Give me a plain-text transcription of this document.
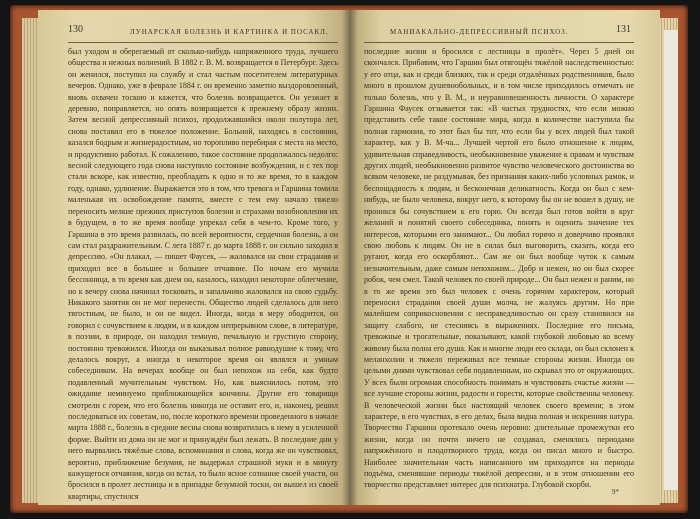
130	ЛУНАРСКАЯ БОЛЕЗНЬ И КАРТИНКА И ПОСАКЛ.

был уходом и оберегаемый от сколько-нибудь напряженного труда, лучшего общества и нежных волнений. В 1882 г. В. М. возвращается в Петербург. Здесь он женился, поступил на службу и стал частым посетителем литературных вечеров. Однако, уже в феврале 1884 г. он временно заметно выздоровленный, вновь охвачен тоскою и кажется, что болезнь возвращается. Он уезжает в деревню, поправляется, но опять возвращается к прежнему образу жизни. Затем весной депрессивный психоз, продолжавшийся около полутора лет, снова поставил его в тяжелое положение. Больной, находясь в состоянии, казался бодрым и жизнерадостным, но торопливо перебирая с места на место, и продуктивно работал. К сожалению, такое состояние продолжалось недолго: весной следующего года снова наступило состояние возбуждения, и с тех пор стали вскоре, как известно, преобладать к одно и то же время, то в каждом году, однако, удлинение. Выражается это в том, что тревога и Гаршина томила маленькая их освобождение памяти, вместе с тем ему начало тяжело переносить мелкие прежних приступов болезни и страхами возобновления их в будущем, в то же время вообще упрекал себя в чем-то. Кроме того, у Гаршина в это время развилась, по всей вероятности, сердечная болезнь, а он сам стал раздражительным. С лета 1887 г. до марта 1888 г. он сильно заходил в депрессию. «Он плакал, — пишет Фаусек, — жаловался на свои страдания и приходил все в большее и большее отчаяние. По ночам его мучила бессонница, в то время как днем он, казалось, находил некоторое облегчение, но к вечеру снова начинал тосковать, и запальчиво жаловался на свою судьбу. Никакого занятия он не мог перенести. Общество людей сделалось для него тягостным, не было, и он не видел. Иногда, когда в меру ободрится, он говорил с сочувствием к людям, и в каждом непрерывном слове, в литературе, в поэзии, в природе, он находил темную, печальную и грустную сторону, постоянно тревожился. Иногда он выказывал полное равнодушие к тому, что делалось вокруг, а иногда в некоторое время он являлся и умным собеседником. На вечерах вообще он был непохож на себя, как будто подавленный мучительным чувством. Но, как выяснилось потом, это ожидание неминуемо приближающейся кончины. Другие его товарищи смотрели с горем, что его болезнь никогда не оставит его, и, наконец, решил последоваться их советам, но, после короткого времени проведенного в начале марта 1888 г., болезнь в средине весны снова возвратилась к нему в усиленной форме. Выйти из дома он не мог и принуждён был лежать. В последние дни у него вырвались тяжёлые слова, вспоминания и слова, когда же он чувствовал, вероятно, приближение безумия, не выдержал страшной муки и в минуту кажущегося отчаяния, когда он встал, то было ясное сознание своей участи, он бросился в пролет лестницы и в припадке безумной тоски, он вышел из своей квартиры, спустился

МАНИАКАЛЬНО-ДЕПРЕССИВНЫЙ ПСИХОЗ.	131

последние жизни и бросился с лестницы в пролёт». Через 5 дней он скончался. Прибавим, что Гаршин был отягощён тяжёлой наследственностью: у его отца, как и среди близких, так и среди отдалённых родственников, было много в прошлом душевнобольных, и в том числе приходилось отмечать не только болезнь, что у В. М., и неуравновешенность личности. О характере Гаршина Фаусек отзывается так: «В частых трудностях, что если можно представить себе такое состояние мира, когда в количестве наступила бы полная гармония, то этот был бы тот, что если бы у всех людей был такой характер, как у В. М-ча... Лучшей чертой его было отношение к людям, удивительная справедливость, необыкновенное уважение к правам и чувствам других людей, необыкновенно развитое чувство человеческого достоинства во всяком человеке, не раздумывая, без признания каких-либо условных рамок, и беспощадность к людям, и бесконечная деликатность. Когда он был с кем-нибудь, не было человека, вокруг него, к которому бы он не вошел в душу, не проникся бы сочувствием к его горю. Он всегда был готов войти в круг желаний и понятий своего собеседника, понять и оценить значение тех интересов, которыми его занимают... Он любил горячо и доверчиво проявлял свою любовь к людям. Он не в силах был выговорить, сказать, когда его ругают, когда его оскорбляют... Сам же он был вообще чуток к самым незначительным, даже самым непохожим... Добр и нежен, но он был скорее робок, чем смел. Такой человек по своей природе... Он был нежен и раним, но в то же время это был человек с очень горячим характером, который переносил страдания своей души молча, не жалуясь другим. Но при малейшем соприкосновении с несправедливостью он сразу становился на защиту слабого, не стесняясь в выражениях. Последние его письма, тревожные и трогательные, показывают, какой глубокой любовью ко всему живому была полна его душа. Как и многие люди его склада, он был склонен к меланхолии и тяжело переживал все темные стороны жизни. Иногда он целыми днями чувствовал себя подавленным, но скрывал это от окружающих. У всех были огромная способность понимать и чувствовать счастье жизни — все лучшие стороны жизни, радости и горести, которые свойственны человеку. В человеческой жизни был настоящий человек своего времени; в этом характере, в его чувствах, в его делах, была видна полная и искренняя натура. Творчество Гаршина протекало очень неровно: длительные промежутки его жизни, когда он почти ничего не создавал, сменялись периодами напряжённого и плодотворного труда, когда он писал много и быстро. Наиболее значительная часть написанного им приходится на периоды подъёма, сменявшие периоды тяжёлой депрессии, и в этом отношении его творчество представляет интерес для психиатра. Глубокой скорби.

9*
